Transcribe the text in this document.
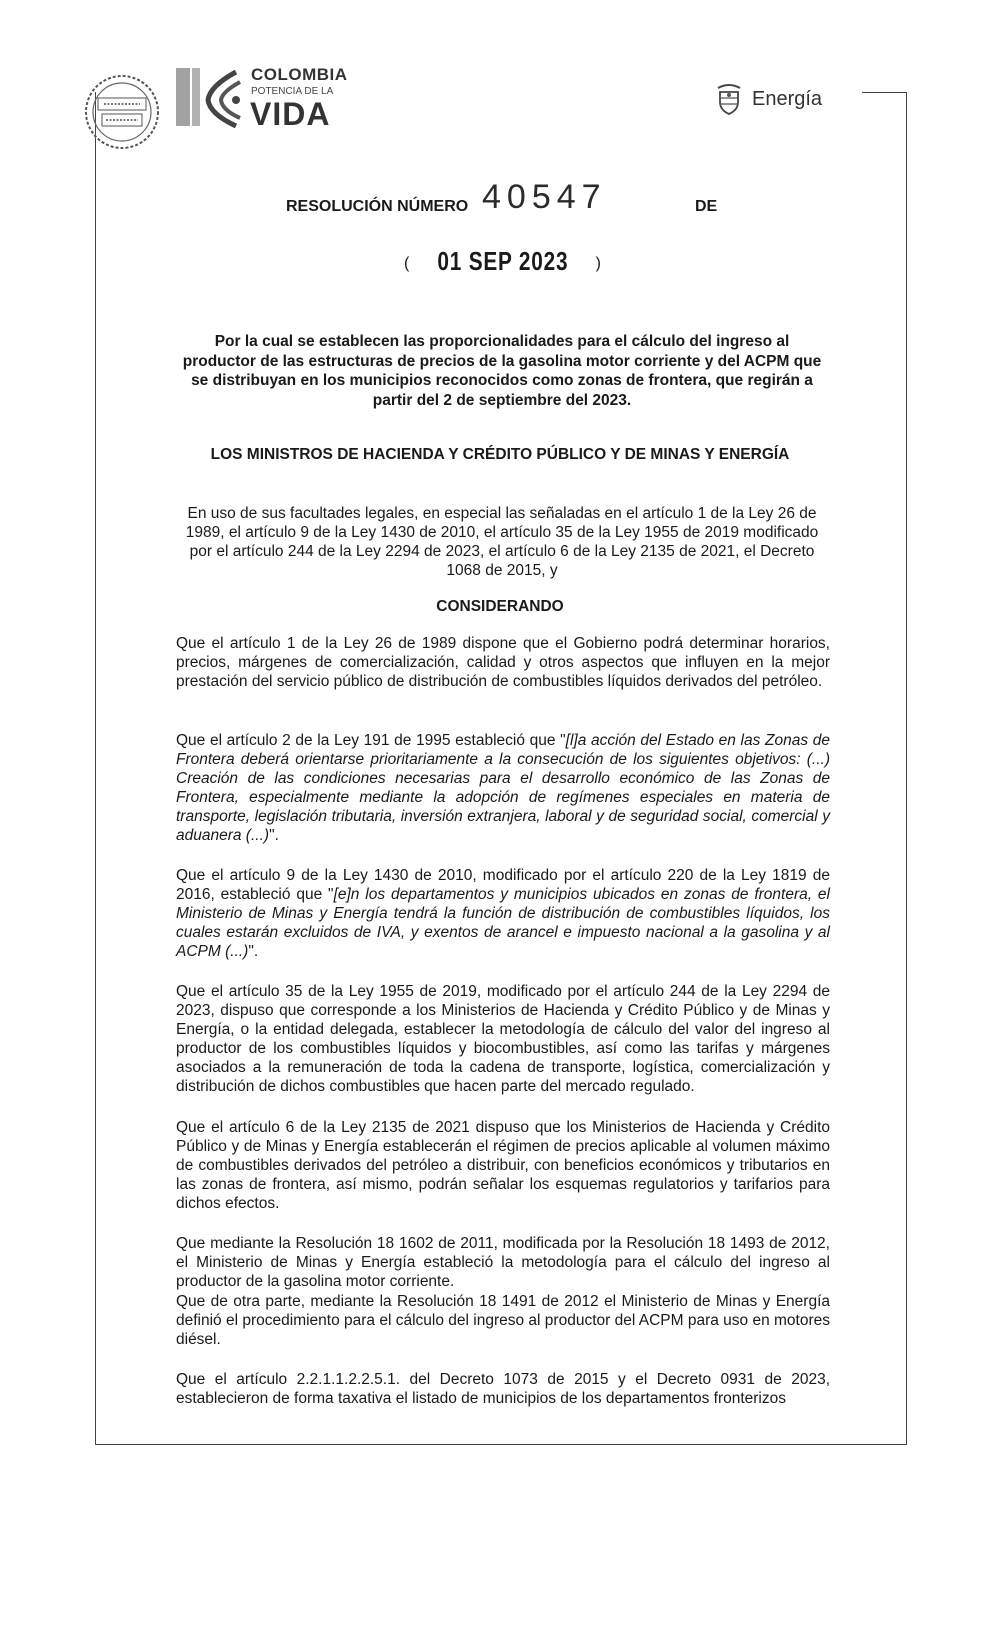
COLOMBIA
POTENCIA DE LA
VIDA	Energía
RESOLUCIÓN NÚMERO 40547	DE
( 01 SEP 2023 )
Por la cual se establecen las proporcionalidades para el cálculo del ingreso al productor de las estructuras de precios de la gasolina motor corriente y del ACPM que se distribuyan en los municipios reconocidos como zonas de frontera, que regirán a partir del 2 de septiembre del 2023.
LOS MINISTROS DE HACIENDA Y CRÉDITO PÚBLICO Y DE MINAS Y ENERGÍA
En uso de sus facultades legales, en especial las señaladas en el artículo 1 de la Ley 26 de 1989, el artículo 9 de la Ley 1430 de 2010, el artículo 35 de la Ley 1955 de 2019 modificado por el artículo 244 de la Ley 2294 de 2023, el artículo 6 de la Ley 2135 de 2021, el Decreto 1068 de 2015, y
CONSIDERANDO

Que el artículo 1 de la Ley 26 de 1989 dispone que el Gobierno podrá determinar horarios, precios, márgenes de comercialización, calidad y otros aspectos que influyen en la mejor prestación del servicio público de distribución de combustibles líquidos derivados del petróleo.

Que el artículo 2 de la Ley 191 de 1995 estableció que "[l]a acción del Estado en las Zonas de Frontera deberá orientarse prioritariamente a la consecución de los siguientes objetivos: (...) Creación de las condiciones necesarias para el desarrollo económico de las Zonas de Frontera, especialmente mediante la adopción de regímenes especiales en materia de transporte, legislación tributaria, inversión extranjera, laboral y de seguridad social, comercial y aduanera (...)".

Que el artículo 9 de la Ley 1430 de 2010, modificado por el artículo 220 de la Ley 1819 de 2016, estableció que "[e]n los departamentos y municipios ubicados en zonas de frontera, el Ministerio de Minas y Energía tendrá la función de distribución de combustibles líquidos, los cuales estarán excluidos de IVA, y exentos de arancel e impuesto nacional a la gasolina y al ACPM (...)".

Que el artículo 35 de la Ley 1955 de 2019, modificado por el artículo 244 de la Ley 2294 de 2023, dispuso que corresponde a los Ministerios de Hacienda y Crédito Público y de Minas y Energía, o la entidad delegada, establecer la metodología de cálculo del valor del ingreso al productor de los combustibles líquidos y biocombustibles, así como las tarifas y márgenes asociados a la remuneración de toda la cadena de transporte, logística, comercialización y distribución de dichos combustibles que hacen parte del mercado regulado.

Que el artículo 6 de la Ley 2135 de 2021 dispuso que los Ministerios de Hacienda y Crédito Público y de Minas y Energía establecerán el régimen de precios aplicable al volumen máximo de combustibles derivados del petróleo a distribuir, con beneficios económicos y tributarios en las zonas de frontera, así mismo, podrán señalar los esquemas regulatorios y tarifarios para dichos efectos.

Que mediante la Resolución 18 1602 de 2011, modificada por la Resolución 18 1493 de 2012, el Ministerio de Minas y Energía estableció la metodología para el cálculo del ingreso al productor de la gasolina motor corriente.

Que de otra parte, mediante la Resolución 18 1491 de 2012 el Ministerio de Minas y Energía definió el procedimiento para el cálculo del ingreso al productor del ACPM para uso en motores diésel.

Que el artículo 2.2.1.1.2.2.5.1. del Decreto 1073 de 2015 y el Decreto 0931 de 2023, establecieron de forma taxativa el listado de municipios de los departamentos fronterizos
